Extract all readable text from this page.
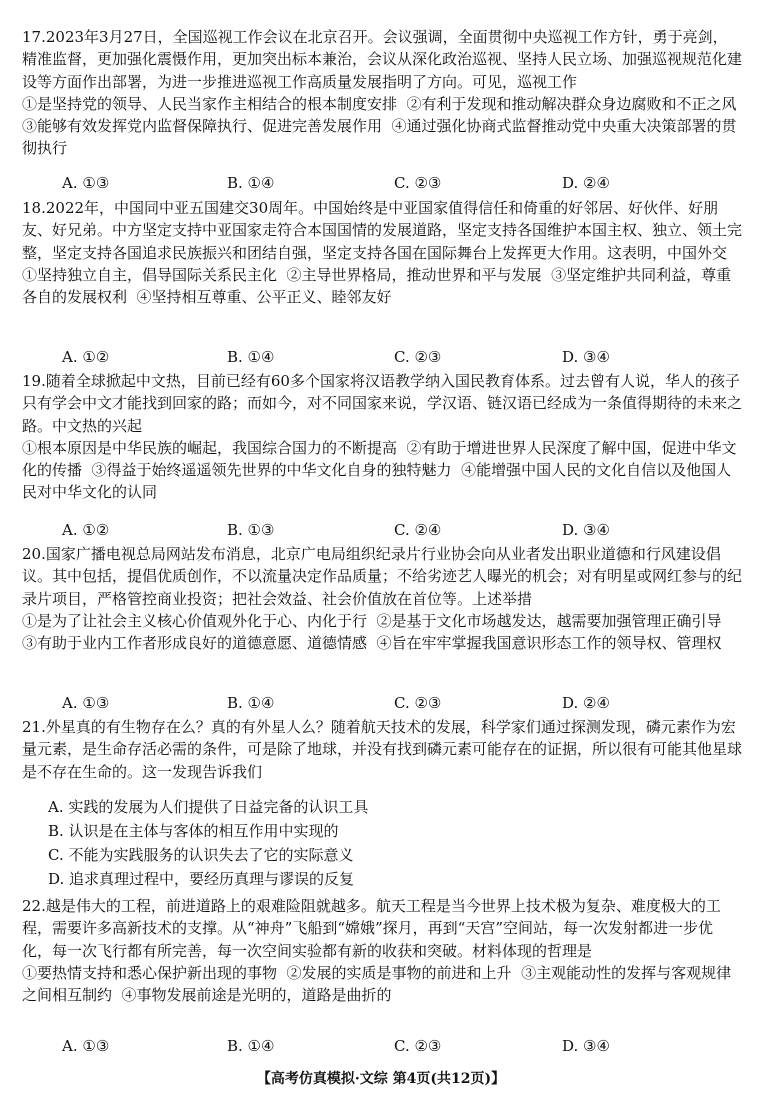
17.2023年3月27日，全国巡视工作会议在北京召开。会议强调，全面贯彻中央巡视工作方针，勇于亮剑，精准监督，更加强化震慑作用，更加突出标本兼治，会议从深化政治巡视、坚持人民立场、加强巡视规范化建设等方面作出部署，为进一步推进巡视工作高质量发展指明了方向。可见，巡视工作
①是坚持党的领导、人民当家作主相结合的根本制度安排  ②有利于发现和推动解决群众身边腐败和不正之风  ③能够有效发挥党内监督保障执行、促进完善发展作用  ④通过强化协商式监督推动党中央重大决策部署的贯彻执行
A. ①③	B. ①④	C. ②③	D. ②④
18.2022年，中国同中亚五国建交30周年。中国始终是中亚国家值得信任和倚重的好邻居、好伙伴、好朋友、好兄弟。中方坚定支持中亚国家走符合本国国情的发展道路，坚定支持各国维护本国主权、独立、领土完整，坚定支持各国追求民族振兴和团结自强，坚定支持各国在国际舞台上发挥更大作用。这表明，中国外交
①坚持独立自主，倡导国际关系民主化  ②主导世界格局，推动世界和平与发展  ③坚定维护共同利益，尊重各自的发展权利  ④坚持相互尊重、公平正义、睦邻友好
A. ①②	B. ①④	C. ②③	D. ③④
19.随着全球掀起中文热，目前已经有60多个国家将汉语教学纳入国民教育体系。过去曾有人说，华人的孩子只有学会中文才能找到回家的路；而如今，对不同国家来说，学汉语、链汉语已经成为一条值得期待的未来之路。中文热的兴起
①根本原因是中华民族的崛起，我国综合国力的不断提高  ②有助于增进世界人民深度了解中国，促进中华文化的传播  ③得益于始终遥遥领先世界的中华文化自身的独特魅力  ④能增强中国人民的文化自信以及他国人民对中华文化的认同
A. ①②	B. ①③	C. ②④	D. ③④
20.国家广播电视总局网站发布消息，北京广电局组织纪录片行业协会向从业者发出职业道德和行风建设倡议。其中包括，提倡优质创作，不以流量决定作品质量；不给劣迹艺人曝光的机会；对有明星或网红参与的纪录片项目，严格管控商业投资；把社会效益、社会价值放在首位等。上述举措
①是为了让社会主义核心价值观外化于心、内化于行  ②是基于文化市场越发达，越需要加强管理正确引导  ③有助于业内工作者形成良好的道德意愿、道德情感  ④旨在牢牢掌握我国意识形态工作的领导权、管理权
A. ①③	B. ①④	C. ②③	D. ②④
21.外星真的有生物存在么？真的有外星人么？随着航天技术的发展，科学家们通过探测发现，磷元素作为宏量元素，是生命存活必需的条件，可是除了地球，并没有找到磷元素可能存在的证据，所以很有可能其他星球是不存在生命的。这一发现告诉我们
A. 实践的发展为人们提供了日益完备的认识工具
B. 认识是在主体与客体的相互作用中实现的
C. 不能为实践服务的认识失去了它的实际意义
D. 追求真理过程中，要经历真理与谬误的反复
22.越是伟大的工程，前进道路上的艰难险阻就越多。航天工程是当今世界上技术极为复杂、难度极大的工程，需要许多高新技术的支撑。从“神舟”飞船到“嫦娥”探月，再到“天宫”空间站，每一次发射都进一步优化，每一次飞行都有所完善，每一次空间实验都有新的收获和突破。材料体现的哲理是
①要热情支持和悉心保护新出现的事物  ②发展的实质是事物的前进和上升  ③主观能动性的发挥与客观规律之间相互制约  ④事物发展前途是光明的，道路是曲折的
A. ①③	B. ①④	C. ②③	D. ③④
【高考仿真模拟·文综 第4页(共12页)】
